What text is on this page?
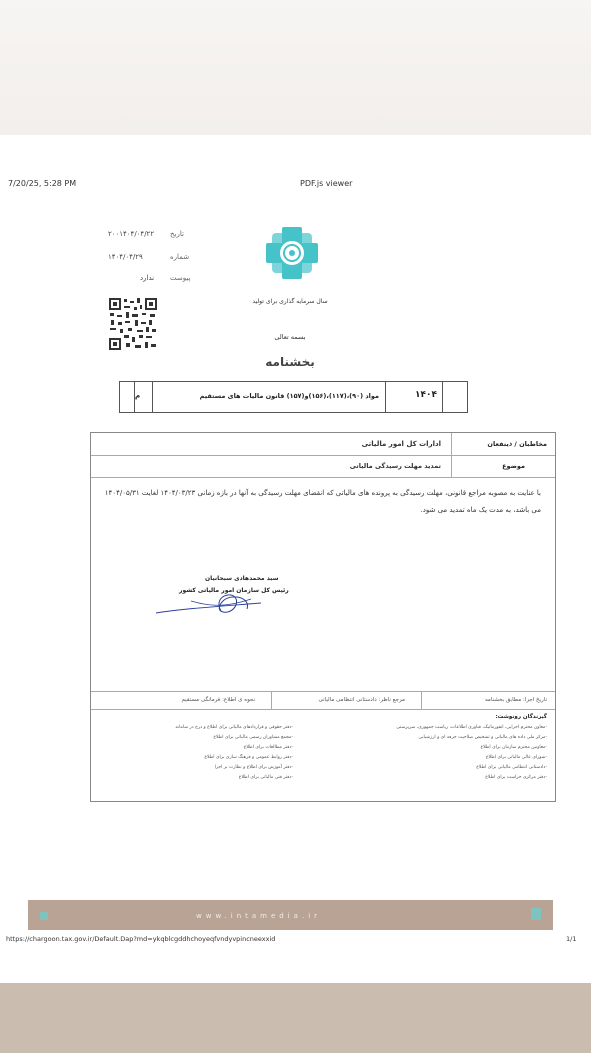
7/20/25, 5:28 PM	PDF.js viewer
تاریخ
۲۰۰۱۴۰۴/۰۴/۲۲
شماره
۱۴۰۴/۰۴/۲۹
پیوست
ندارد
سال سرمایه گذاری برای تولید
بسمه تعالی
بخشنامه
م	مواد (۹۰)،(۱۱۷)،(۱۵۶)و(۱۵۷) قانون مالیات های مستقیم	۱۴۰۴
مخاطبان / ذینفعان
ادارات کل امور مالیاتی
موضوع
تمدید مهلت رسیدگی مالیاتی
با عنایت به مصوبه مراجع قانونی، مهلت رسیدگی به پرونده های مالیاتی که انقضای مهلت رسیدگی به آنها در بازه زمانی ۱۴۰۴/۰۳/۲۳ لغایت ۱۴۰۴/۰۵/۳۱ می باشد، به مدت یک ماه تمدید می شود.
سید محمدهادی سبحانیان
رئیس کل سازمان امور مالیاتی کشور
تاریخ اجرا: مطابق بخشنامه
مرجع ناظر: دادستانی انتظامی مالیاتی
نحوه ی اطلاع: فرمانگی مستقیم
گیرندگان رونوشت:
-معاون محترم اجرایی، انفورماتیک، فناوری اطلاعات، ریاست جمهوری، سرپرستی
-مرکز ملی داده های مالیاتی و تشخیص صلاحیت حرفه ای و ارزشیابی
-معاونین محترم سازمان برای اطلاع
-شورای عالی مالیاتی برای اطلاع
-دادستانی انتظامی مالیاتی برای اطلاع
-دفتر مرکزی حراست برای اطلاع
-دفتر حقوقی و قراردادهای مالیاتی برای اطلاع و درج در سامانه
-مجمع مشاوران رسمی مالیاتی برای اطلاع
-دفتر مطالعات برای اطلاع
-دفتر روابط عمومی و فرهنگ سازی برای اطلاع
-دفتر آموزش برای اطلاع و نظارت بر اجرا
-دفتر فنی مالیاتی برای اطلاع
www.intamedia.ir
https://chargoon.tax.gov.ir/Default.Dap?md=ykqblcgddhchoyeqfvndyvpincneexxid	1/1
